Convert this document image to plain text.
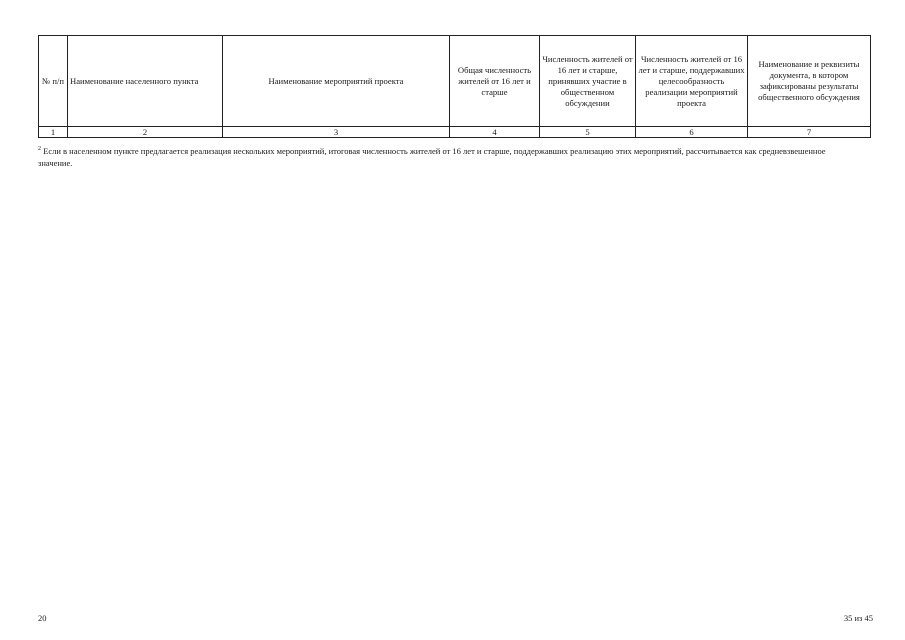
№ п/п	Наименование населенного пункта	Наименование мероприятий проекта	Общая численность жителей от 16 лет и старше	Численность жителей от 16 лет и старше, принявших участие в общественном обсуждении	Численность жителей от 16 лет и старше, поддержавших целесообразность реализации мероприятий проекта	Наименование и реквизиты документа, в котором зафиксированы результаты общественного обсуждения
1	2	3	4	5	6	7

$^2$ Если в населенном пункте предлагается реализация нескольких мероприятий, итоговая численность жителей от 16 лет и старше, поддержавших реализацию этих мероприятий, рассчитывается как средневзвешенное значение.

20	35 из 45
